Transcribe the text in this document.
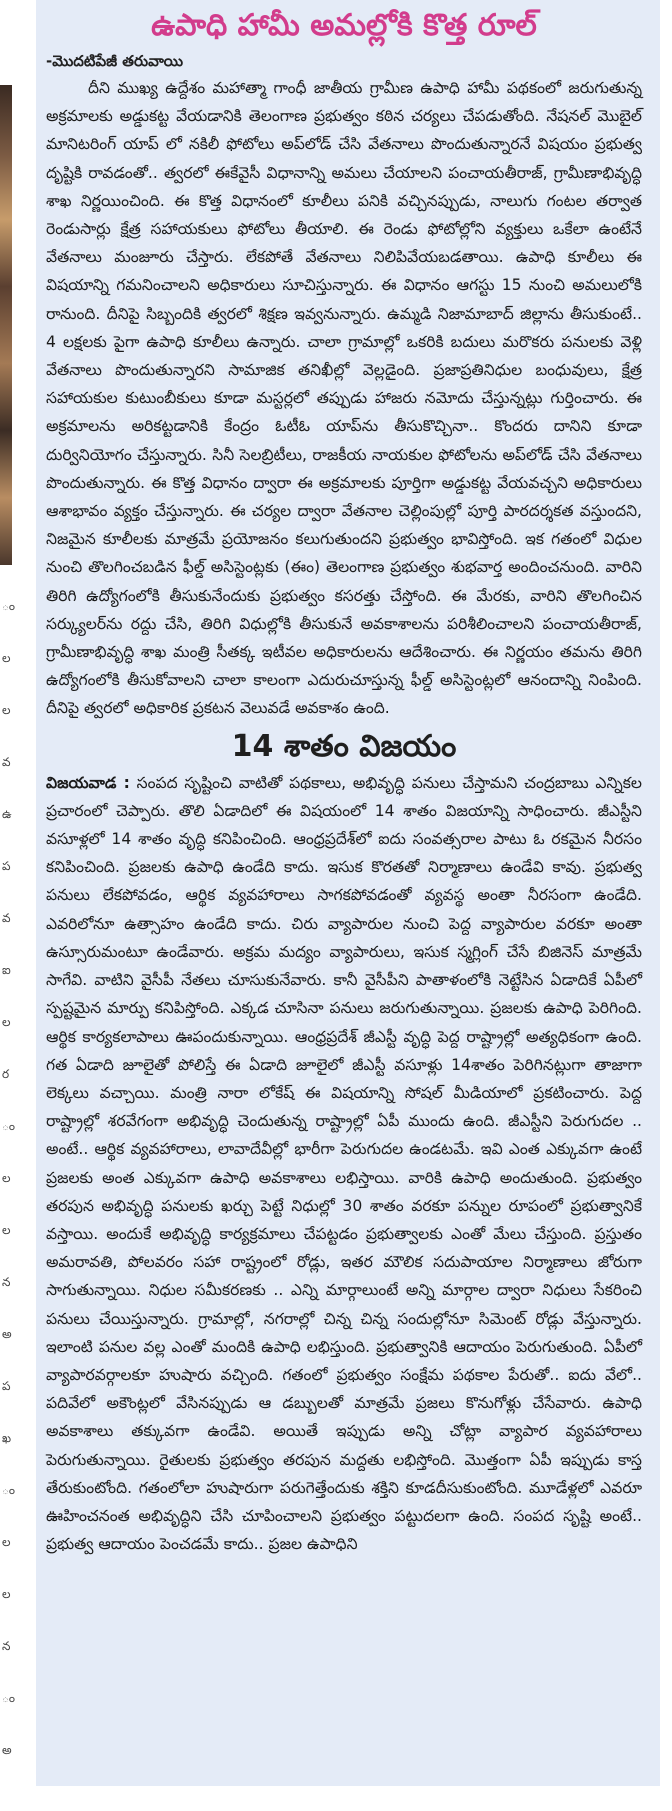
ం
ల
ల
వ
ఉ
ప
వ
ఐ
ల
ర
ం
ల
ల
న
అ
ప
ఖ
ం
ల
ల
న
ం
అ
ఉపాధి హామీ అమల్లోకి కొత్త రూల్
-మొదటిపేజీ తరువాయి

దీని ముఖ్య ఉద్దేశం మహాత్మా గాంధీ జాతీయ గ్రామీణ ఉపాధి హామీ పథకంలో జరుగుతున్న అక్రమాలకు అడ్డుకట్ట వేయడానికి తెలంగాణ ప్రభుత్వం కఠిన చర్యలు చేపడుతోంది. నేషనల్ మొబైల్ మానిటరింగ్ యాప్ లో నకిలీ ఫోటోలు అప్‌లోడ్ చేసి వేతనాలు పొందుతున్నారనే విషయం ప్రభుత్వ దృష్టికి రావడంతో.. త్వరలో ఈకేవైసీ విధానాన్ని అమలు చేయాలని పంచాయతీరాజ్, గ్రామీణాభివృద్ధి శాఖ నిర్ణయించింది. ఈ కొత్త విధానంలో కూలీలు పనికి వచ్చినప్పుడు, నాలుగు గంటల తర్వాత రెండుసార్లు క్షేత్ర సహాయకులు ఫోటోలు తీయాలి. ఈ రెండు ఫోటోల్లోని వ్యక్తులు ఒకేలా ఉంటేనే వేతనాలు మంజూరు చేస్తారు. లేకపోతే వేతనాలు నిలిపివేయబడతాయి. ఉపాధి కూలీలు ఈ విషయాన్ని గమనించాలని అధికారులు సూచిస్తున్నారు. ఈ విధానం ఆగస్టు 15 నుంచి అమలులోకి రానుంది. దీనిపై సిబ్బందికి త్వరలో శిక్షణ ఇవ్వనున్నారు. ఉమ్మడి నిజామాబాద్ జిల్లాను తీసుకుంటే.. 4 లక్షలకు పైగా ఉపాధి కూలీలు ఉన్నారు. చాలా గ్రామాల్లో ఒకరికి బదులు మరొకరు పనులకు వెళ్లి వేతనాలు పొందుతున్నారని సామాజిక తనిఖీల్లో వెల్లడైంది. ప్రజాప్రతినిధుల బంధువులు, క్షేత్ర సహాయకుల కుటుంబీకులు కూడా మస్టర్లలో తప్పుడు హాజరు నమోదు చేస్తున్నట్లు గుర్తించారు. ఈ అక్రమాలను అరికట్టడానికి కేంద్రం ఓటీఓ యాప్‌ను తీసుకొచ్చినా.. కొందరు దానిని కూడా దుర్వినియోగం చేస్తున్నారు. సినీ సెలబ్రిటీలు, రాజకీయ నాయకుల ఫోటోలను అప్‌లోడ్ చేసి వేతనాలు పొందుతున్నారు. ఈ కొత్త విధానం ద్వారా ఈ అక్రమాలకు పూర్తిగా అడ్డుకట్ట వేయవచ్చని అధికారులు ఆశాభావం వ్యక్తం చేస్తున్నారు. ఈ చర్యల ద్వారా వేతనాల చెల్లింపుల్లో పూర్తి పారదర్శకత వస్తుందని, నిజమైన కూలీలకు మాత్రమే ప్రయోజనం కలుగుతుందని ప్రభుత్వం భావిస్తోంది. ఇక గతంలో విధుల నుంచి తొలగించబడిన ఫీల్డ్ అసిస్టెంట్లకు (ఈం) తెలంగాణ ప్రభుత్వం శుభవార్త అందించనుంది. వారిని తిరిగి ఉద్యోగంలోకి తీసుకునేందుకు ప్రభుత్వం కసరత్తు చేస్తోంది. ఈ మేరకు, వారిని తొలగించిన సర్క్యులర్‌ను రద్దు చేసి, తిరిగి విధుల్లోకి తీసుకునే అవకాశాలను పరిశీలించాలని పంచాయతీరాజ్, గ్రామీణాభివృద్ధి శాఖ మంత్రి సీతక్క ఇటీవల అధికారులను ఆదేశించారు. ఈ నిర్ణయం తమను తిరిగి ఉద్యోగంలోకి తీసుకోవాలని చాలా కాలంగా ఎదురుచూస్తున్న ఫీల్డ్ అసిస్టెంట్లలో ఆనందాన్ని నింపింది. దీనిపై త్వరలో అధికారిక ప్రకటన వెలువడే అవకాశం ఉంది.

14 శాతం విజయం

విజయవాడ : సంపద సృష్టించి వాటితో పథకాలు, అభివృద్ధి పనులు చేస్తామని చంద్రబాబు ఎన్నికల ప్రచారంలో చెప్పారు. తొలి ఏడాదిలో ఈ విషయంలో 14 శాతం విజయాన్ని సాధించారు. జీఎస్టీని వసూళ్లలో 14 శాతం వృద్ధి కనిపించింది. ఆంధ్రప్రదేశ్‌లో ఐదు సంవత్సరాల పాటు ఓ రకమైన నీరసం కనిపించింది. ప్రజలకు ఉపాధి ఉండేది కాదు. ఇసుక కొరతతో నిర్మాణాలు ఉండేవి కావు. ప్రభుత్వ పనులు లేకపోవడం, ఆర్థిక వ్యవహారాలు సాగకపోవడంతో వ్యవస్థ అంతా నీరసంగా ఉండేది. ఎవరిలోనూ ఉత్సాహం ఉండేది కాదు. చిరు వ్యాపారుల నుంచి పెద్ద వ్యాపారుల వరకూ అంతా ఉస్సూరుమంటూ ఉండేవారు. అక్రమ మద్యం వ్యాపారులు, ఇసుక స్మగ్లింగ్ చేసే బిజినెస్ మాత్రమే సాగేవి. వాటిని వైసీపీ నేతలు చూసుకునేవారు. కానీ వైసీపీని పాతాళంలోకి నెట్టేసిన ఏడాదికే ఏపీలో స్పష్టమైన మార్పు కనిపిస్తోంది. ఎక్కడ చూసినా పనులు జరుగుతున్నాయి. ప్రజలకు ఉపాధి పెరిగింది. ఆర్థిక కార్యకలాపాలు ఊపందుకున్నాయి. ఆంధ్రప్రదేశ్ జీఎస్టీ వృద్ధి పెద్ద రాష్ట్రాల్లో అత్యధికంగా ఉంది. గత ఏడాది జూలైతో పోలిస్తే ఈ ఏడాది జూలైలో జీఎస్టీ వసూళ్లు 14శాతం పెరిగినట్లుగా తాజాగా లెక్కలు వచ్చాయి. మంత్రి నారా లోకేష్ ఈ విషయాన్ని సోషల్ మీడియాలో ప్రకటించారు. పెద్ద రాష్ట్రాల్లో శరవేగంగా అభివృద్ధి చెందుతున్న రాష్ట్రాల్లో ఏపీ ముందు ఉంది. జీఎస్టీని పెరుగుదల .. అంటే.. ఆర్థిక వ్యవహారాలు, లావాదేవీల్లో భారీగా పెరుగుదల ఉండటమే. ఇవి ఎంత ఎక్కువగా ఉంటే ప్రజలకు అంత ఎక్కువగా ఉపాధి అవకాశాలు లభిస్తాయి. వారికి ఉపాధి అందుతుంది. ప్రభుత్వం తరపున అభివృద్ధి పనులకు ఖర్చు పెట్టే నిధుల్లో 30 శాతం వరకూ పన్నుల రూపంలో ప్రభుత్వానికే వస్తాయి. అందుకే అభివృద్ధి కార్యక్రమాలు చేపట్టడం ప్రభుత్వాలకు ఎంతో మేలు చేస్తుంది. ప్రస్తుతం అమరావతి, పోలవరం సహా రాష్ట్రంలో రోడ్లు, ఇతర మౌలిక సదుపాయాల నిర్మాణాలు జోరుగా సాగుతున్నాయి. నిధుల సమీకరణకు .. ఎన్ని మార్గాలుంటే అన్ని మార్గాల ద్వారా నిధులు సేకరించి పనులు చేయిస్తున్నారు. గ్రామాల్లో, నగరాల్లో చిన్న చిన్న సందుల్లోనూ సిమెంట్ రోడ్లు వేస్తున్నారు. ఇలాంటి పనుల వల్ల ఎంతో మందికి ఉపాధి లభిస్తుంది. ప్రభుత్వానికి ఆదాయం పెరుగుతుంది. ఏపీలో వ్యాపారవర్గాలకూ హుషారు వచ్చింది. గతంలో ప్రభుత్వం సంక్షేమ పథకాల పేరుతో.. ఐదు వేలో.. పదివేలో అకౌంట్లలో వేసినప్పుడు ఆ డబ్బులతో మాత్రమే ప్రజలు కొనుగోళ్లు చేసేవారు. ఉపాధి అవకాశాలు తక్కువగా ఉండేవి. అయితే ఇప్పుడు అన్ని చోట్లా వ్యాపార వ్యవహారాలు పెరుగుతున్నాయి. రైతులకు ప్రభుత్వం తరపున మద్దతు లభిస్తోంది. మొత్తంగా ఏపీ ఇప్పుడు కాస్త తేరుకుంటోంది. గతంలోలా హుషారుగా పరుగెత్తేందుకు శక్తిని కూడదీసుకుంటోంది. మూడేళ్లలో ఎవరూ ఊహించనంత అభివృద్ధిని చేసి చూపించాలని ప్రభుత్వం పట్టుదలగా ఉంది. సంపద సృష్టి అంటే.. ప్రభుత్వ ఆదాయం పెంచడమే కాదు.. ప్రజల ఉపాధిని
